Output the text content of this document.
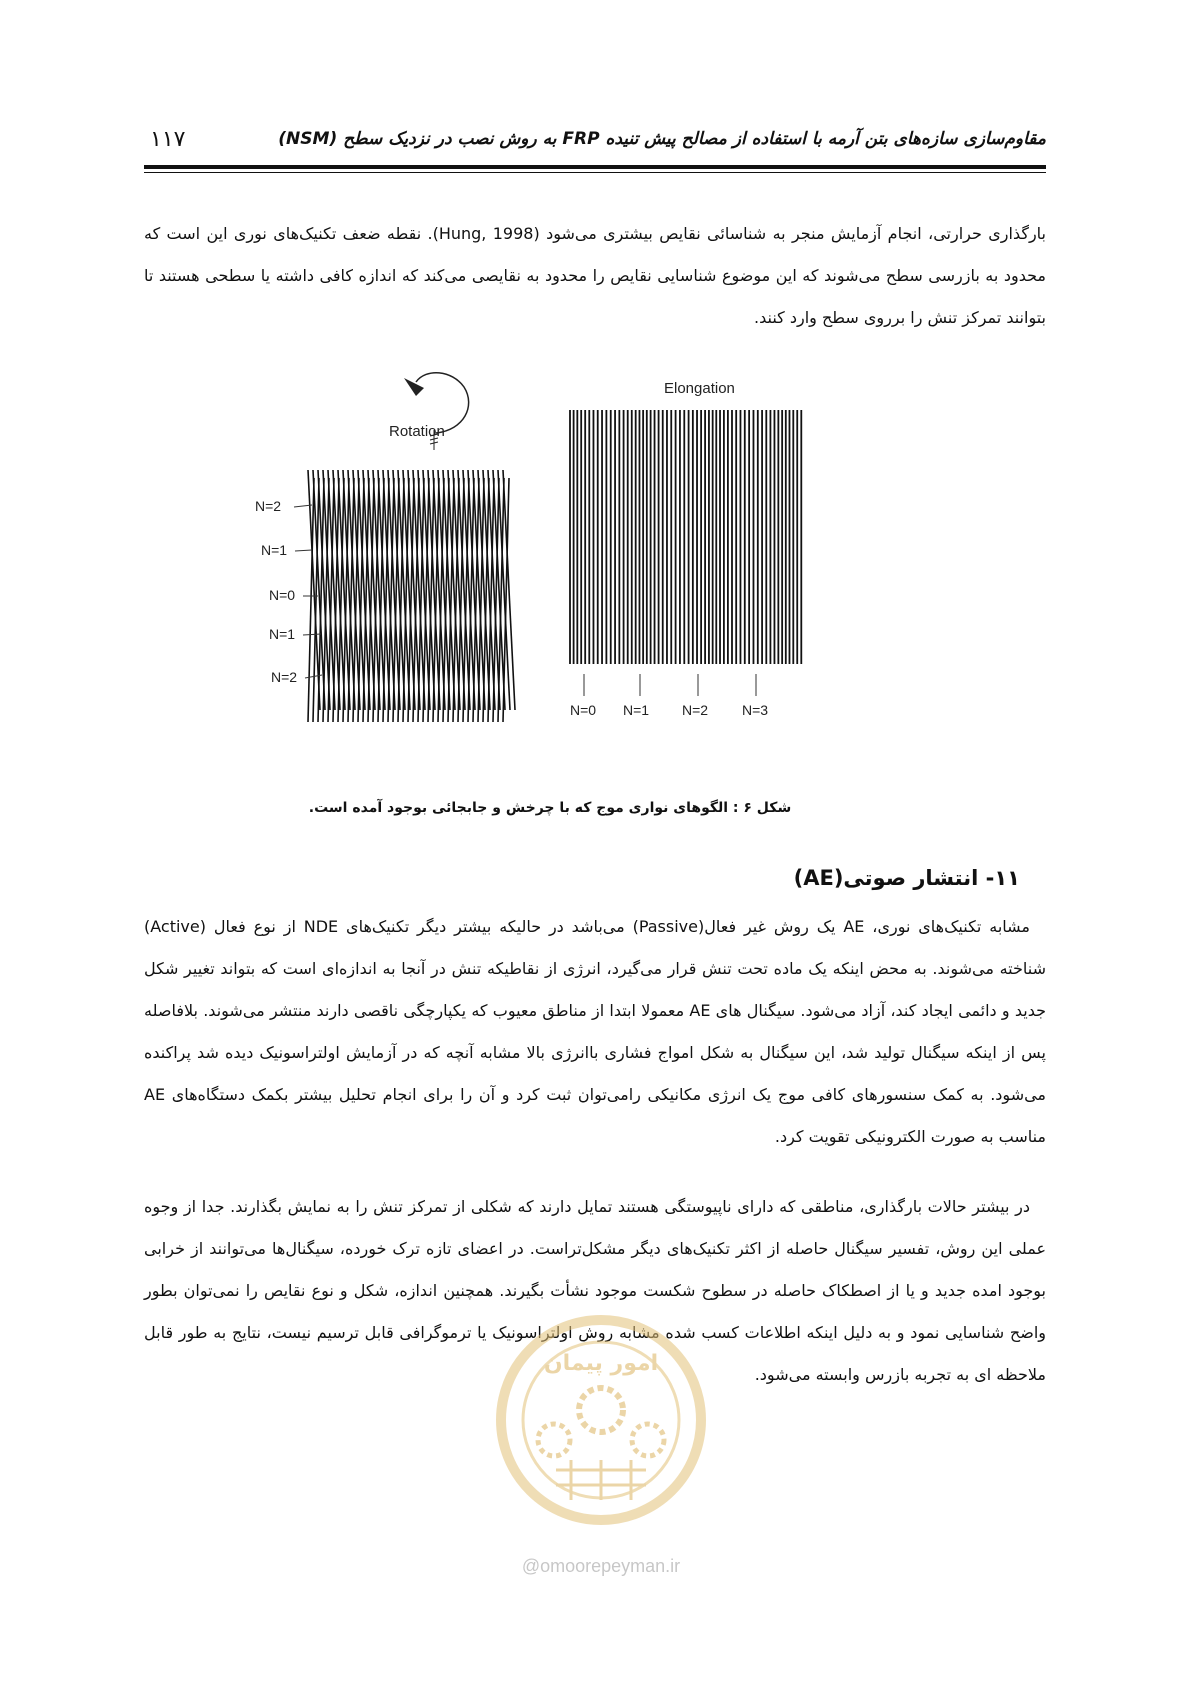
۱۱۷	مقاوم‌سازی سازه‌های بتن آرمه با استفاده از مصالح پیش تنیده FRP به روش نصب در نزدیک سطح (NSM)

بارگذاری حرارتی، انجام آزمایش منجر به شناسائی نقایص بیشتری می‌شود (Hung, 1998). نقطه ضعف تکنیک‌های نوری این است که محدود به بازرسی سطح می‌شوند که این موضوع شناسایی نقایص را محدود به نقایصی می‌کند که اندازه کافی داشته یا سطحی هستند تا بتوانند تمرکز تنش را برروی سطح وارد کنند.

Rotation
Elongation
N=2
N=1
N=0
N=1
N=2
N=0 N=1 N=2 N=3
شکل ۶ : الگوهای نواری موج که با چرخش و جابجائی بوجود آمده است.
۱۱- انتشار صوتی(AE)

مشابه تکنیک‌های نوری، AE یک روش غیر فعال(Passive) می‌باشد در حالیکه بیشتر دیگر تکنیک‌های NDE از نوع فعال (Active) شناخته می‌شوند. به محض اینکه یک ماده تحت تنش قرار می‌گیرد، انرژی از نقاطیکه تنش در آنجا به اندازه‌ای است که بتواند تغییر شکل جدید و دائمی ایجاد کند، آزاد می‌شود. سیگنال های AE معمولا ابتدا از مناطق معیوب که یکپارچگی ناقصی دارند منتشر می‌شوند. بلافاصله پس از اینکه سیگنال تولید شد، این سیگنال به شکل امواج فشاری باانرژی بالا مشابه آنچه که در آزمایش اولتراسونیک دیده شد پراکنده می‌شود. به کمک سنسورهای کافی موج یک انرژی مکانیکی رامی‌توان ثبت کرد و آن را برای انجام تحلیل بیشتر بکمک دستگاه‌های AE مناسب به صورت الکترونیکی تقویت کرد.

در بیشتر حالات بارگذاری، مناطقی که دارای ناپیوستگی هستند تمایل دارند که شکلی از تمرکز تنش را به نمایش بگذارند. جدا از وجوه عملی این روش، تفسیر سیگنال حاصله از اکثر تکنیک‌های دیگر مشکل‌تراست. در اعضای تازه ترک خورده، سیگنال‌ها می‌توانند از خرابی بوجود امده جدید و یا از اصطکاک حاصله در سطوح شکست موجود نشأت بگیرند. همچنین اندازه، شکل و نوع نقایص را نمی‌توان بطور واضح شناسایی نمود و به دلیل اینکه اطلاعات کسب شده مشابه روش اولتراسونیک یا ترموگرافی قابل ترسیم نیست، نتایج به طور قابل ملاحظه ای به تجربه بازرس وابسته می‌شود.

امور پیمان
@omoorepeyman.ir
